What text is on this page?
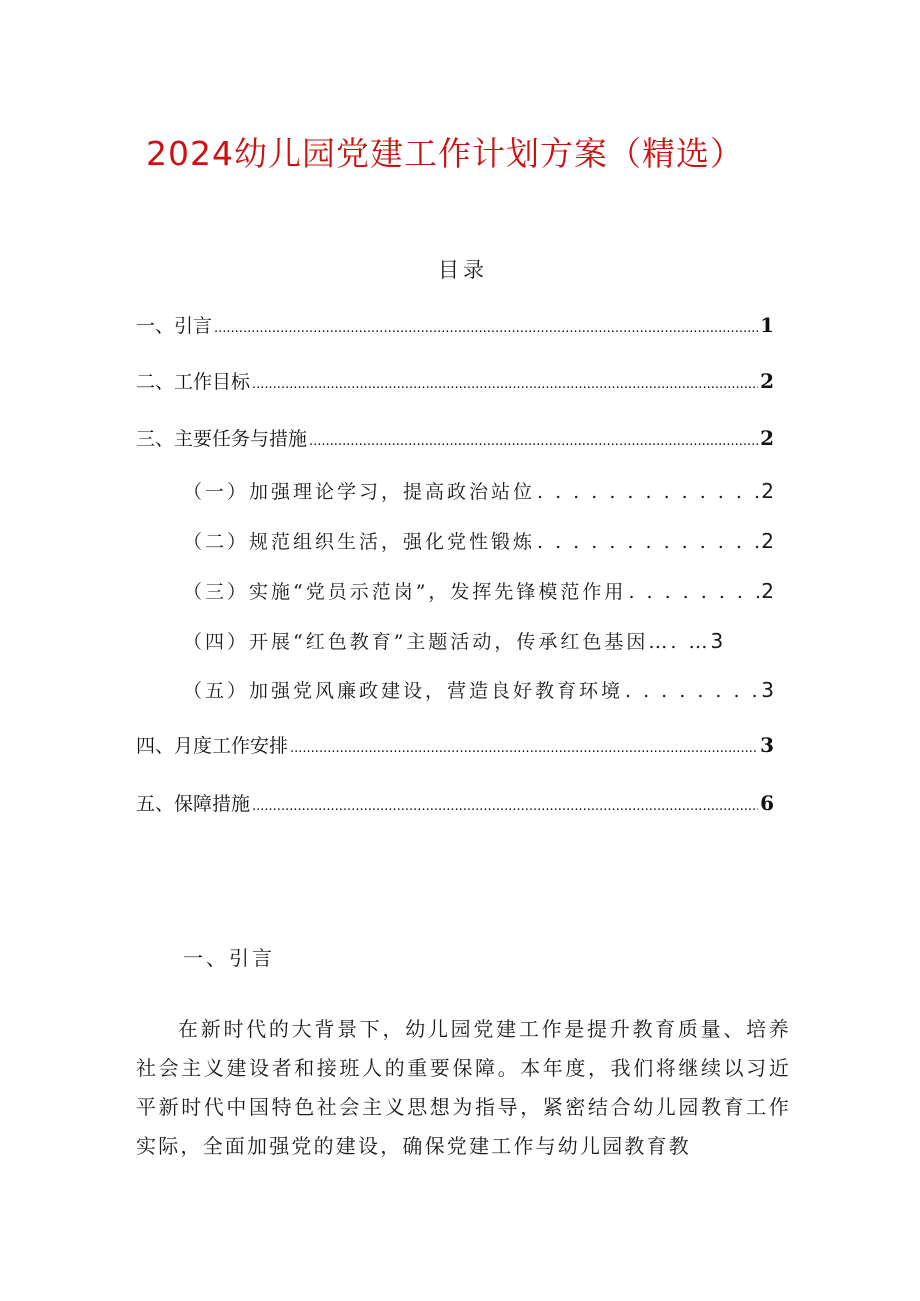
2024幼儿园党建工作计划方案（精选）
目录
一、引言 .....	1
二、工作目标 .....	2
三、主要任务与措施 .....	2
（一）加强理论学习，提高政治站位 . . .	2
（二）规范组织生活，强化党性锻炼 . . .	2
（三）实施“党员示范岗”，发挥先锋模范作用 . . .	2
（四）开展“红色教育”主题活动，传承红色基因…. … 3
（五）加强党风廉政建设，营造良好教育环境 . . .	3
四、月度工作安排 .....	3
五、保障措施 .....	6
一、引言

在新时代的大背景下，幼儿园党建工作是提升教育质量、培养社会主义建设者和接班人的重要保障。本年度，我们将继续以习近平新时代中国特色社会主义思想为指导，紧密结合幼儿园教育工作实际，全面加强党的建设，确保党建工作与幼儿园教育教
